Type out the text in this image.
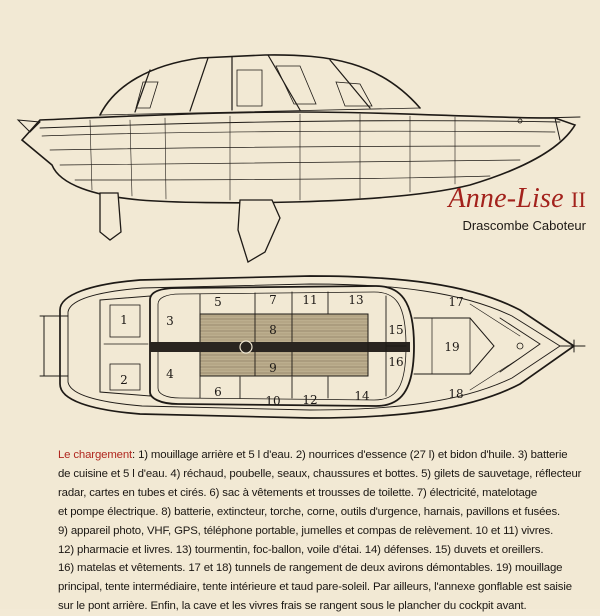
1
2
3
4
5
6
7
8
9
10
11
12
13
14
15
16
17
18
19
Anne-Lise II
Drascombe Caboteur
Le chargement: 1) mouillage arrière et 5 l d'eau. 2) nourrices d'essence (27 l) et bidon d'huile. 3) batterie
de cuisine et 5 l d'eau. 4) réchaud, poubelle, seaux, chaussures et bottes. 5) gilets de sauvetage, réflecteur
radar, cartes en tubes et cirés. 6) sac à vêtements et trousses de toilette. 7) électricité, matelotage
et pompe électrique. 8) batterie, extincteur, torche, corne, outils d'urgence, harnais, pavillons et fusées.
9) appareil photo, VHF, GPS, téléphone portable, jumelles et compas de relèvement. 10 et 11) vivres.
12) pharmacie et livres. 13) tourmentin, foc-ballon, voile d'étai. 14) défenses. 15) duvets et oreillers.
16) matelas et vêtements. 17 et 18) tunnels de rangement de deux avirons démontables. 19) mouillage
principal, tente intermédiaire, tente intérieure et taud pare-soleil. Par ailleurs, l'annexe gonflable est saisie
sur le pont arrière. Enfin, la cave et les vivres frais se rangent sous le plancher du cockpit avant.
